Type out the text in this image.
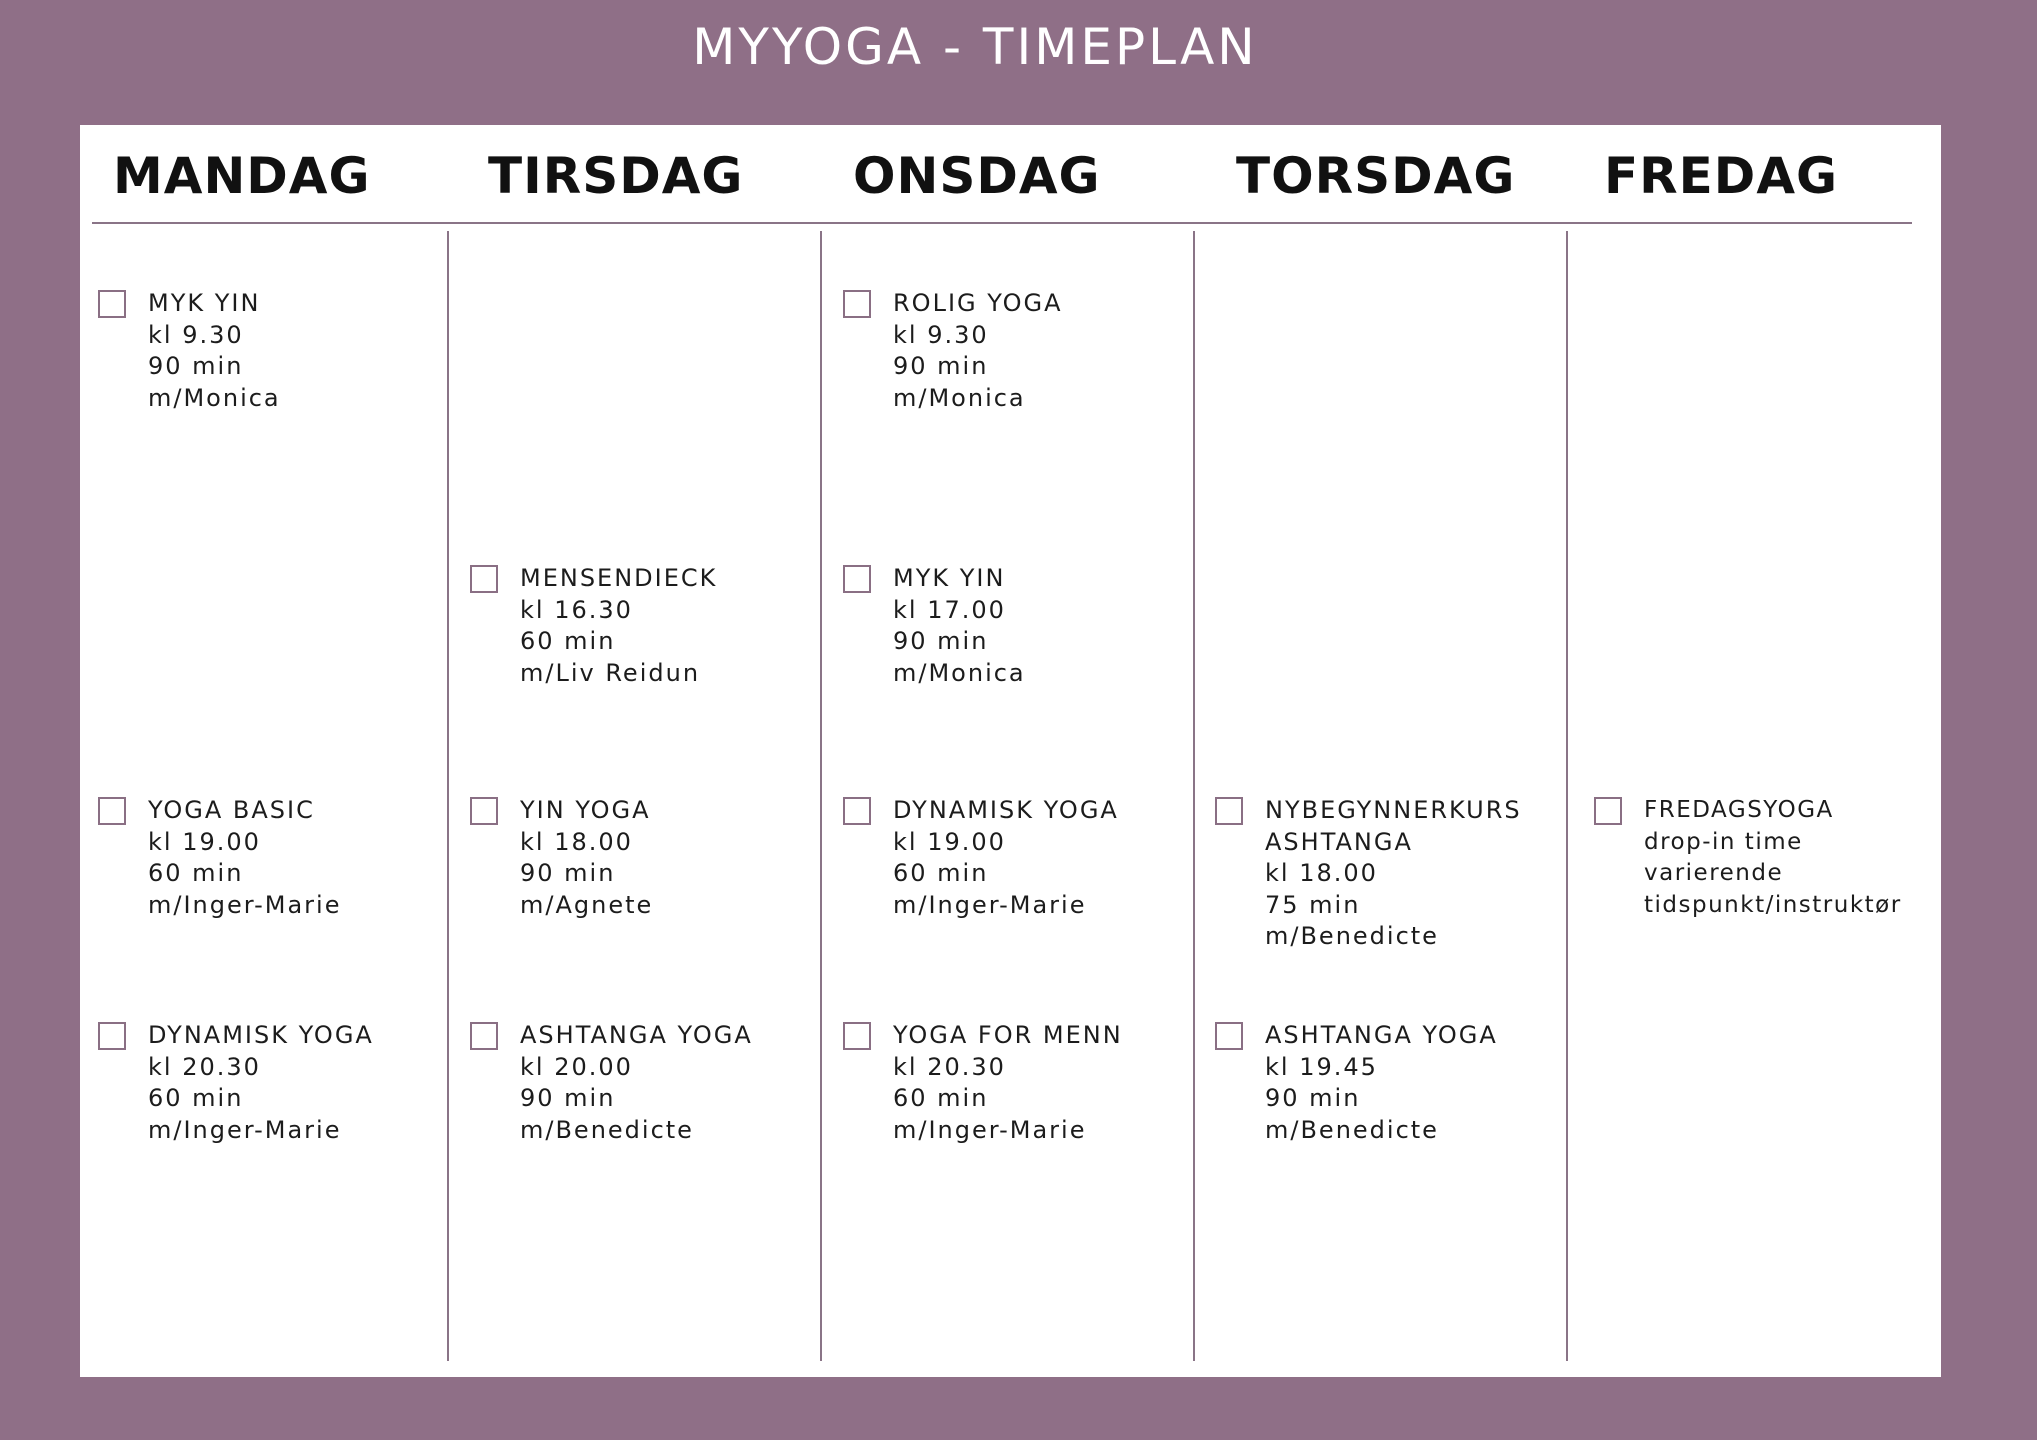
MYYOGA - TIMEPLAN
MANDAG TIRSDAG ONSDAG	TORSDAG FREDAG
MYK YIN
kl 9.30
90 min
m/Monica
YOGA BASIC
kl 19.00
60 min
m/Inger-Marie
DYNAMISK YOGA
kl 20.30
60 min
m/Inger-Marie
MENSENDIECK
kl 16.30
60 min
m/Liv Reidun
YIN YOGA
kl 18.00
90 min
m/Agnete
ASHTANGA YOGA
kl 20.00
90 min
m/Benedicte
ROLIG YOGA
kl 9.30
90 min
m/Monica
MYK YIN
kl 17.00
90 min
m/Monica
DYNAMISK YOGA
kl 19.00
60 min
m/Inger-Marie
YOGA FOR MENN
kl 20.30
60 min
m/Inger-Marie
NYBEGYNNERKURS
ASHTANGA
kl 18.00
75 min
m/Benedicte
ASHTANGA YOGA
kl 19.45
90 min
m/Benedicte
FREDAGSYOGA
drop-in time
varierende
tidspunkt/instruktør
